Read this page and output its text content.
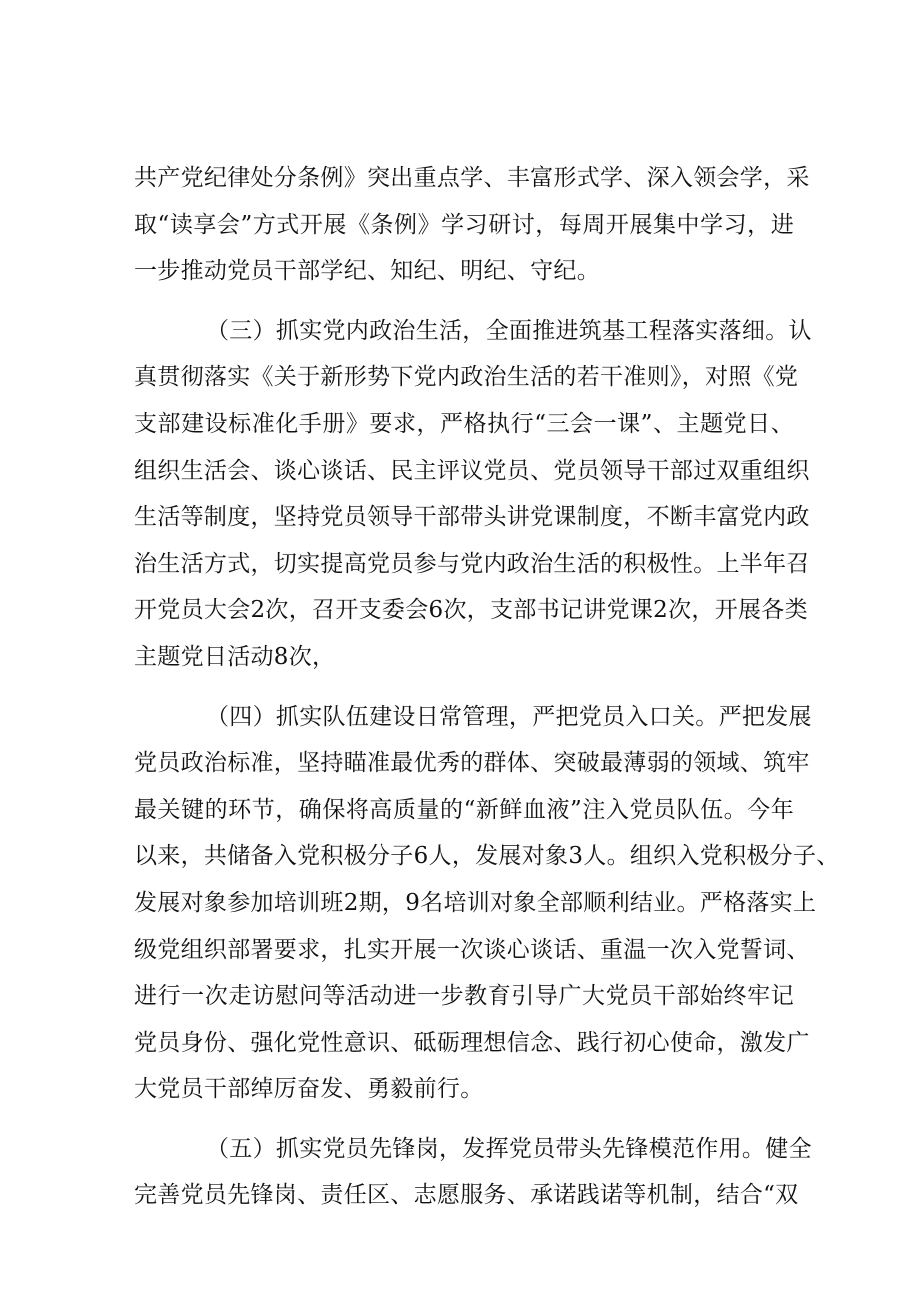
共产党纪律处分条例》突出重点学、丰富形式学、深入领会学，采
取“读享会”方式开展《条例》学习研讨，每周开展集中学习，进
一步推动党员干部学纪、知纪、明纪、守纪。
（三）抓实党内政治生活，全面推进筑基工程落实落细。认
真贯彻落实《关于新形势下党内政治生活的若干准则》，对照《党
支部建设标准化手册》要求，严格执行“三会一课”、主题党日、
组织生活会、谈心谈话、民主评议党员、党员领导干部过双重组织
生活等制度，坚持党员领导干部带头讲党课制度，不断丰富党内政
治生活方式，切实提高党员参与党内政治生活的积极性。上半年召
开党员大会2次，召开支委会6次，支部书记讲党课2次，开展各类
主题党日活动8次，
（四）抓实队伍建设日常管理，严把党员入口关。严把发展
党员政治标准，坚持瞄准最优秀的群体、突破最薄弱的领域、筑牢
最关键的环节，确保将高质量的“新鲜血液”注入党员队伍。今年
以来，共储备入党积极分子6人，发展对象3人。组织入党积极分子、
发展对象参加培训班2期，9名培训对象全部顺利结业。严格落实上
级党组织部署要求，扎实开展一次谈心谈话、重温一次入党誓词、
进行一次走访慰问等活动进一步教育引导广大党员干部始终牢记
党员身份、强化党性意识、砥砺理想信念、践行初心使命，激发广
大党员干部绰厉奋发、勇毅前行。
（五）抓实党员先锋岗，发挥党员带头先锋模范作用。健全
完善党员先锋岗、责任区、志愿服务、承诺践诺等机制，结合“双
